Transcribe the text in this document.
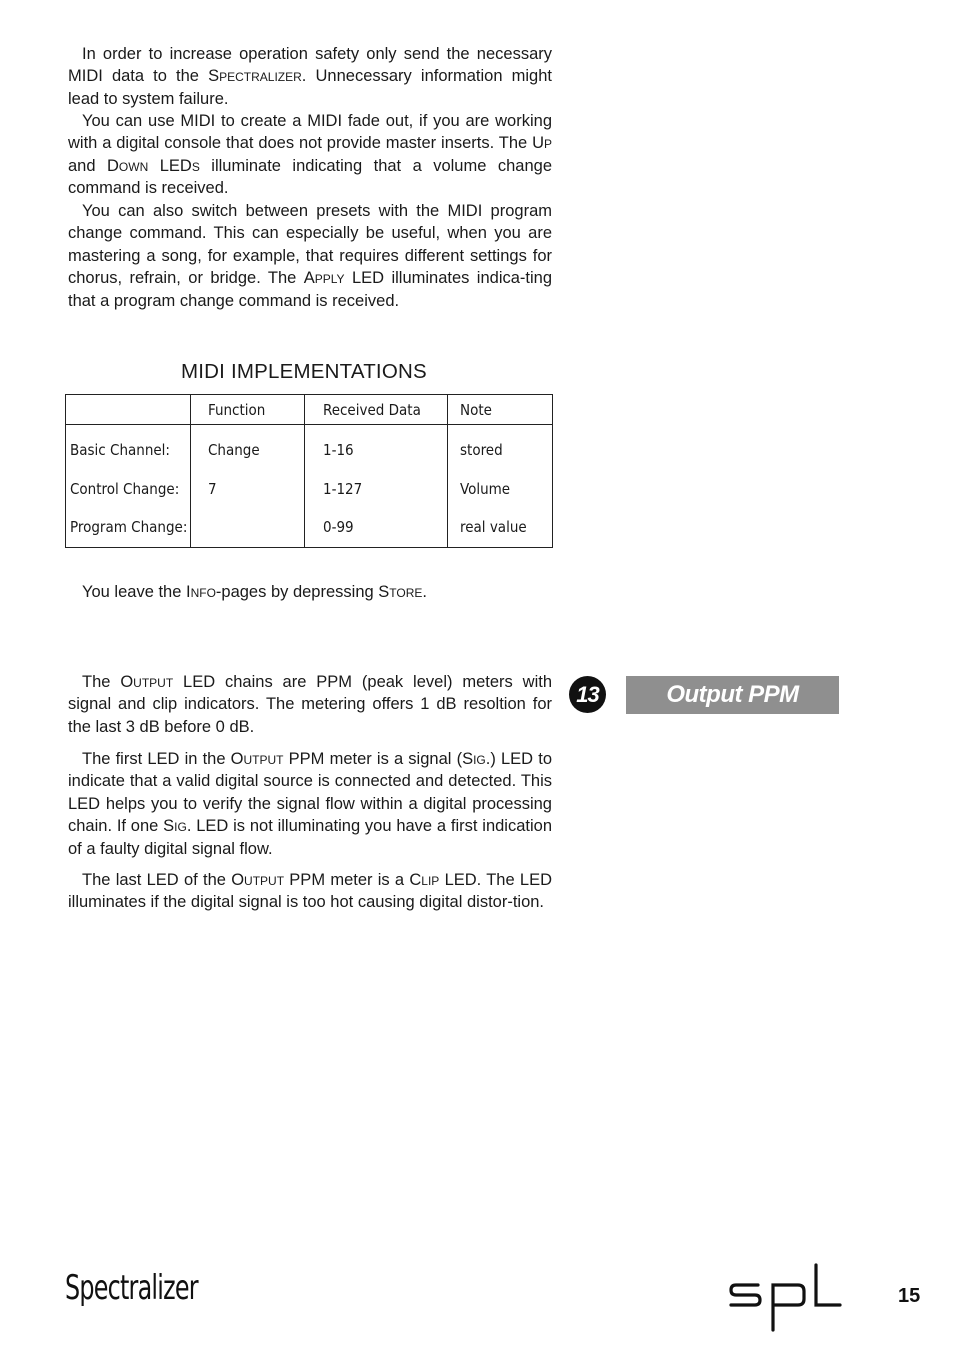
In order to increase operation safety only send the necessary MIDI data to the Spectralizer. Unnecessary information might lead to system failure.

You can use MIDI to create a MIDI fade out, if you are working with a digital console that does not provide master inserts. The Up and Down LEDs illuminate indicating that a volume change command is received.

You can also switch between presets with the MIDI program change command. This can especially be useful, when you are mastering a song, for example, that requires different settings for chorus, refrain, or bridge. The Apply LED illuminates indica-ting that a program change command is received.

MIDI IMPLEMENTATIONS
	Function	Received Data	Note
Basic Channel:	Change	1-16	stored
Control Change:	7	1-127	Volume
Program Change:		0-99	real value

You leave the Info-pages by depressing Store.

13	Output PPM

The Output LED chains are PPM (peak level) meters with signal and clip indicators. The metering offers 1 dB resoltion for the last 3 dB before 0 dB.

The first LED in the Output PPM meter is a signal (Sig.) LED to indicate that a valid digital source is connected and detected. This LED helps you to verify the signal flow within a digital processing chain. If one Sig. LED is not illuminating you have a first indication of a faulty digital signal flow.

The last LED of the Output PPM meter is a Clip LED. The LED illuminates if the digital signal is too hot causing digital distor-tion.

Spectralizer	15
